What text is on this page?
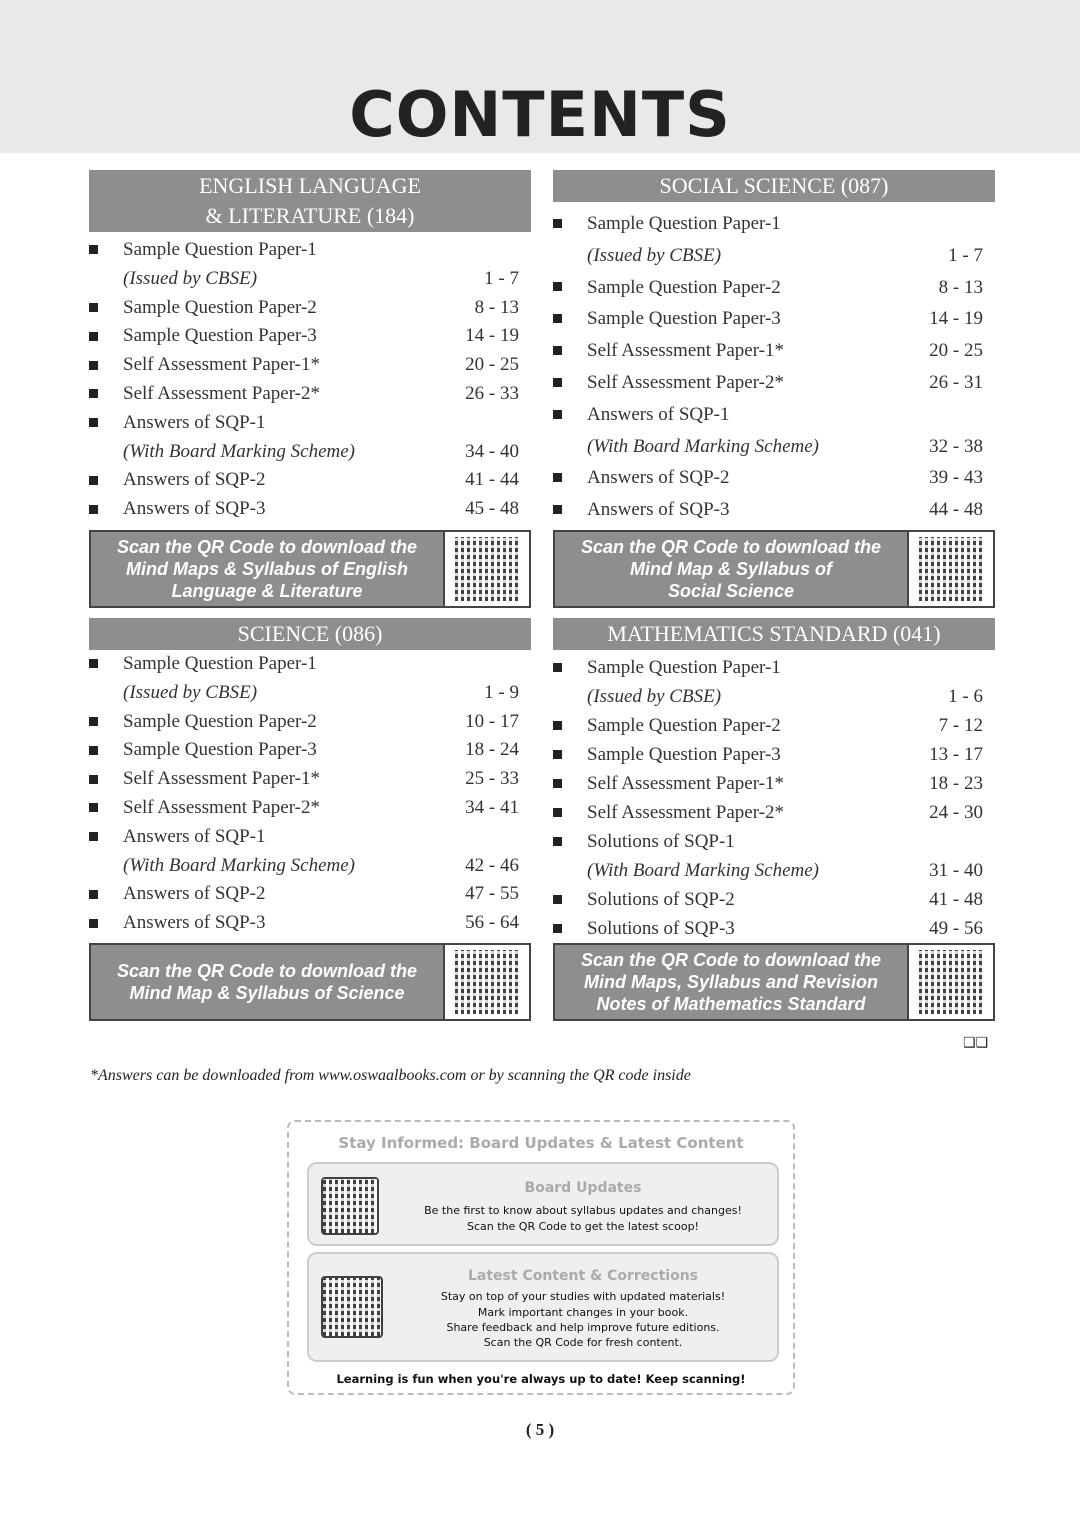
CONTENTS
ENGLISH LANGUAGE
& LITERATURE (184)
Sample Question Paper-1
(Issued by CBSE)	1 - 7
Sample Question Paper-2	8 - 13
Sample Question Paper-3	14 - 19
Self Assessment Paper-1*	20 - 25
Self Assessment Paper-2*	26 - 33
Answers of SQP-1
(With Board Marking Scheme)	34 - 40
Answers of SQP-2	41 - 44
Answers of SQP-3	45 - 48
Scan the QR Code to download the
Mind Maps & Syllabus of English
Language & Literature
SOCIAL SCIENCE (087)
Sample Question Paper-1
(Issued by CBSE)	1 - 7
Sample Question Paper-2	8 - 13
Sample Question Paper-3	14 - 19
Self Assessment Paper-1*	20 - 25
Self Assessment Paper-2*	26 - 31
Answers of SQP-1
(With Board Marking Scheme)	32 - 38
Answers of SQP-2	39 - 43
Answers of SQP-3	44 - 48
Scan the QR Code to download the
Mind Map & Syllabus of
Social Science
SCIENCE (086)
Sample Question Paper-1
(Issued by CBSE)	1 - 9
Sample Question Paper-2	10 - 17
Sample Question Paper-3	18 - 24
Self Assessment Paper-1*	25 - 33
Self Assessment Paper-2*	34 - 41
Answers of SQP-1
(With Board Marking Scheme)	42 - 46
Answers of SQP-2	47 - 55
Answers of SQP-3	56 - 64
Scan the QR Code to download the
Mind Map & Syllabus of Science
MATHEMATICS STANDARD (041)
Sample Question Paper-1
(Issued by CBSE)	1 - 6
Sample Question Paper-2	7 - 12
Sample Question Paper-3	13 - 17
Self Assessment Paper-1*	18 - 23
Self Assessment Paper-2*	24 - 30
Solutions of SQP-1
(With Board Marking Scheme)	31 - 40
Solutions of SQP-2	41 - 48
Solutions of SQP-3	49 - 56
Scan the QR Code to download the
Mind Maps, Syllabus and Revision
Notes of Mathematics Standard
❑❑
*Answers can be downloaded from www.oswaalbooks.com or by scanning the QR code inside
Stay Informed: Board Updates & Latest Content
Board Updates
Be the first to know about syllabus updates and changes!
Scan the QR Code to get the latest scoop!
Latest Content & Corrections
Stay on top of your studies with updated materials!
Mark important changes in your book.
Share feedback and help improve future editions.
Scan the QR Code for fresh content.
Learning is fun when you're always up to date! Keep scanning!
( 5 )
